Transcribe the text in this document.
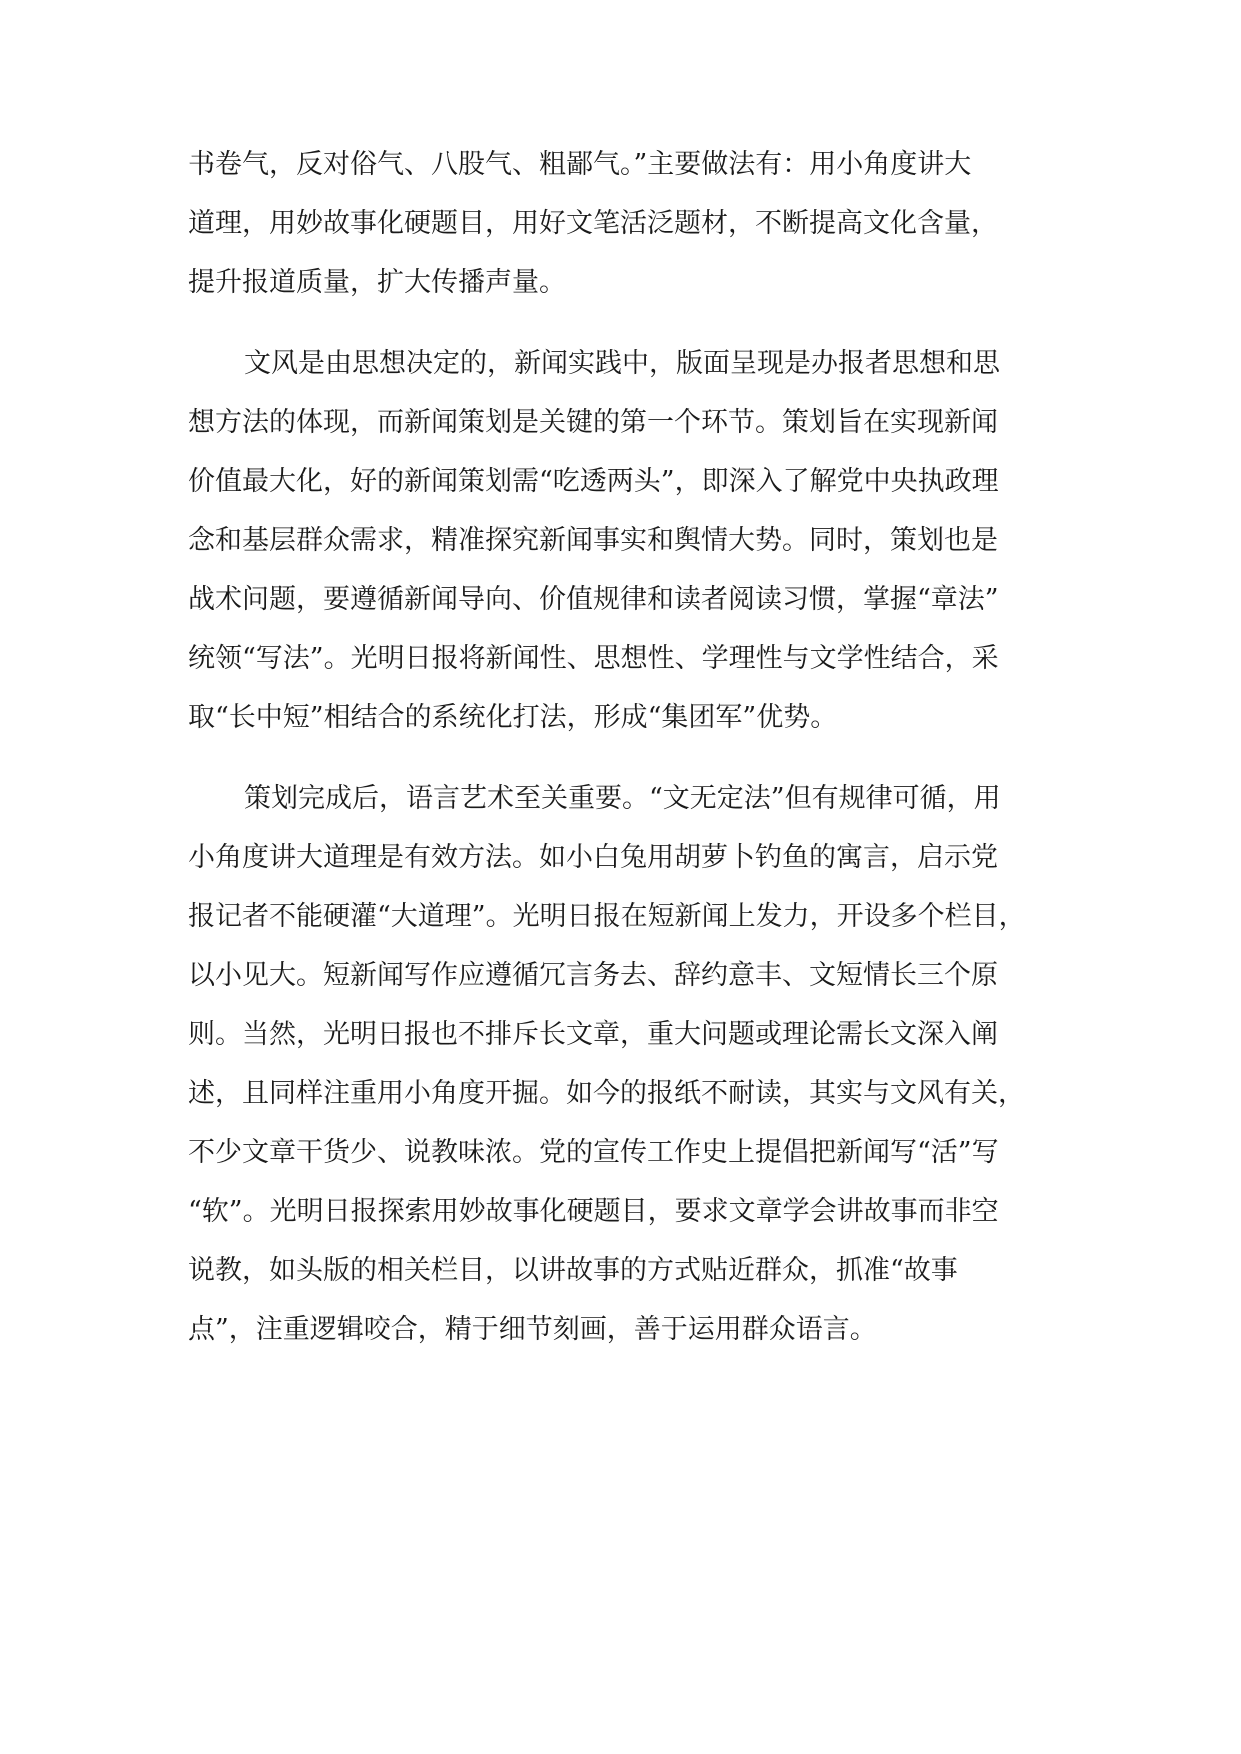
书卷气，反对俗气、八股气、粗鄙气。”主要做法有：用小角度讲大

道理，用妙故事化硬题目，用好文笔活泛题材，不断提高文化含量，

提升报道质量，扩大传播声量。

文风是由思想决定的，新闻实践中，版面呈现是办报者思想和思

想方法的体现，而新闻策划是关键的第一个环节。策划旨在实现新闻

价值最大化，好的新闻策划需“吃透两头”，即深入了解党中央执政理

念和基层群众需求，精准探究新闻事实和舆情大势。同时，策划也是

战术问题，要遵循新闻导向、价值规律和读者阅读习惯，掌握“章法”

统领“写法”。光明日报将新闻性、思想性、学理性与文学性结合，采

取“长中短”相结合的系统化打法，形成“集团军”优势。

策划完成后，语言艺术至关重要。“文无定法”但有规律可循，用

小角度讲大道理是有效方法。如小白兔用胡萝卜钓鱼的寓言，启示党

报记者不能硬灌“大道理”。光明日报在短新闻上发力，开设多个栏目，

以小见大。短新闻写作应遵循冗言务去、辞约意丰、文短情长三个原

则。当然，光明日报也不排斥长文章，重大问题或理论需长文深入阐

述，且同样注重用小角度开掘。如今的报纸不耐读，其实与文风有关，

不少文章干货少、说教味浓。党的宣传工作史上提倡把新闻写“活”写

“软”。光明日报探索用妙故事化硬题目，要求文章学会讲故事而非空

说教，如头版的相关栏目，以讲故事的方式贴近群众，抓准“故事

点”，注重逻辑咬合，精于细节刻画，善于运用群众语言。
